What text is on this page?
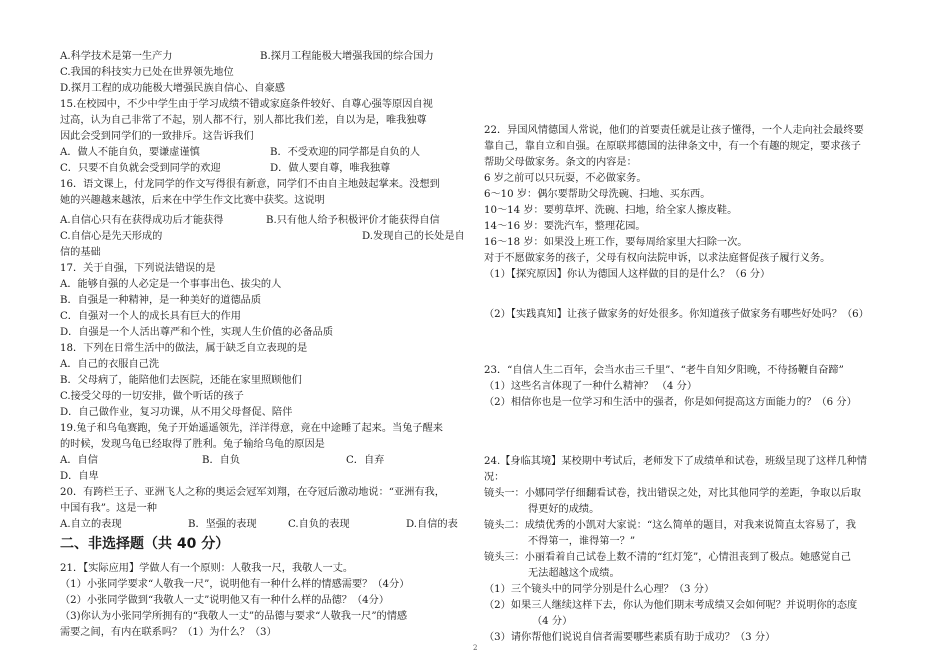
A.科学技术是第一生产力	B.探月工程能极大增强我国的综合国力
C.我国的科技实力已处在世界领先地位
D.探月工程的成功能极大增强民族自信心、自豪感
15.在校园中，不少中学生由于学习成绩不错或家庭条件较好、自尊心强等原因自视
过高，认为自己非常了不起，别人都不行，别人都比我们差，自以为是，唯我独尊
因此会受到同学们的一致排斥。这告诉我们
A．做人不能自负，要谦虚谨慎	B．不受欢迎的同学都是自负的人
C．只要不自负就会受到同学的欢迎	D．做人要自尊，唯我独尊
16．语文课上，付龙同学的作文写得很有新意，同学们不由自主地鼓起掌来。没想到
她的兴趣越来越浓，后来在中学生作文比赛中获奖。这说明
A.自信心只有在获得成功后才能获得	B.只有他人给予积极评价才能获得自信
C.自信心是先天形成的	D.发现自己的长处是自
信的基础
17．关于自强，下列说法错误的是
A．能够自强的人必定是一个事事出色、拔尖的人
B．自强是一种精神，是一种美好的道德品质
C．自强对一个人的成长具有巨大的作用
D．自强是一个人活出尊严和个性，实现人生价值的必备品质
18．下列在日常生活中的做法，属于缺乏自立表现的是
A．自己的衣服自己洗
B．父母病了，能陪他们去医院，还能在家里照顾他们
C.接受父母的一切安排，做个听话的孩子
D．自己做作业，复习功课，从不用父母督促、陪伴
19.兔子和乌龟赛跑，兔子开始遥遥领先，洋洋得意，竟在中途睡了起来。当兔子醒来
的时候，发现乌龟已经取得了胜利。兔子输给乌龟的原因是
A．自信	B．自负	C．自弃
D．自卑
20．有跨栏王子、亚洲飞人之称的奥运会冠军刘翔，在夺冠后激动地说：“亚洲有我，
中国有我”。这是一种
A.自立的表现	B．坚强的表现	C.自负的表现	D.自信的表
二、非选择题（共 40 分）
21．【实际应用】学做人有一个原则：人敬我一尺，我敬人一丈。
（1）小张同学要求“人敬我一尺”，说明他有一种什么样的情感需要？（4分）
（2）小张同学做到“我敬人一丈”说明他又有一种什么样的品德？（4分）
（3)你认为小张同学所拥有的“我敬人一丈”的品德与要求“人敬我一尺”的情感
需要之间，有内在联系吗？（1）为什么？（3）
22．异国风情德国人常说，他们的首要责任就是让孩子懂得，一个人走向社会最终要
靠自己，靠自立和自强。在原联邦德国的法律条文中，有一个有趣的规定，要求孩子
帮助父母做家务。条文的内容是：
6 岁之前可以只玩耍，不必做家务。
6～10 岁：偶尔要帮助父母洗碗、扫地、买东西。
10～14 岁：要剪草坪、洗碗、扫地，给全家人擦皮鞋。
14～16 岁：要洗汽车，整理花园。
16～18 岁：如果没上班工作，要每周给家里大扫除一次。
对于不愿做家务的孩子，父母有权向法院申诉，以求法庭督促孩子履行义务。
（1）【探究原因】你认为德国人这样做的目的是什么？（6 分）
（2）【实践真知】让孩子做家务的好处很多。你知道孩子做家务有哪些好处吗？（6）
23．“自信人生二百年，会当水击三千里”、“老牛自知夕阳晚，不待扬鞭自奋蹄”
（1）这些名言体现了一种什么精神？ （4 分）
（2）相信你也是一位学习和生活中的强者，你是如何提高这方面能力的？（6 分）
24.【身临其境】某校期中考试后，老师发下了成绩单和试卷，班级呈现了这样几种情
况：
镜头一：小娜同学仔细翻看试卷，找出错误之处，对比其他同学的差距，争取以后取
得更好的成绩。
镜头二：成绩优秀的小凯对大家说：“这么简单的题目，对我来说简直太容易了，我
不得第一，谁得第一？”
镜头三：小丽看着自己试卷上数不清的“红灯笼”，心情沮丧到了极点。她感觉自己
无法超越这个成绩。
（1）三个镜头中的同学分别是什么心理？（3 分）
（2）如果三人继续这样下去，你认为他们期末考成绩又会如何呢？并说明你的态度
（4 分）
（3）请你帮他们说说自信者需要哪些素质有助于成功？（3 分）
2
